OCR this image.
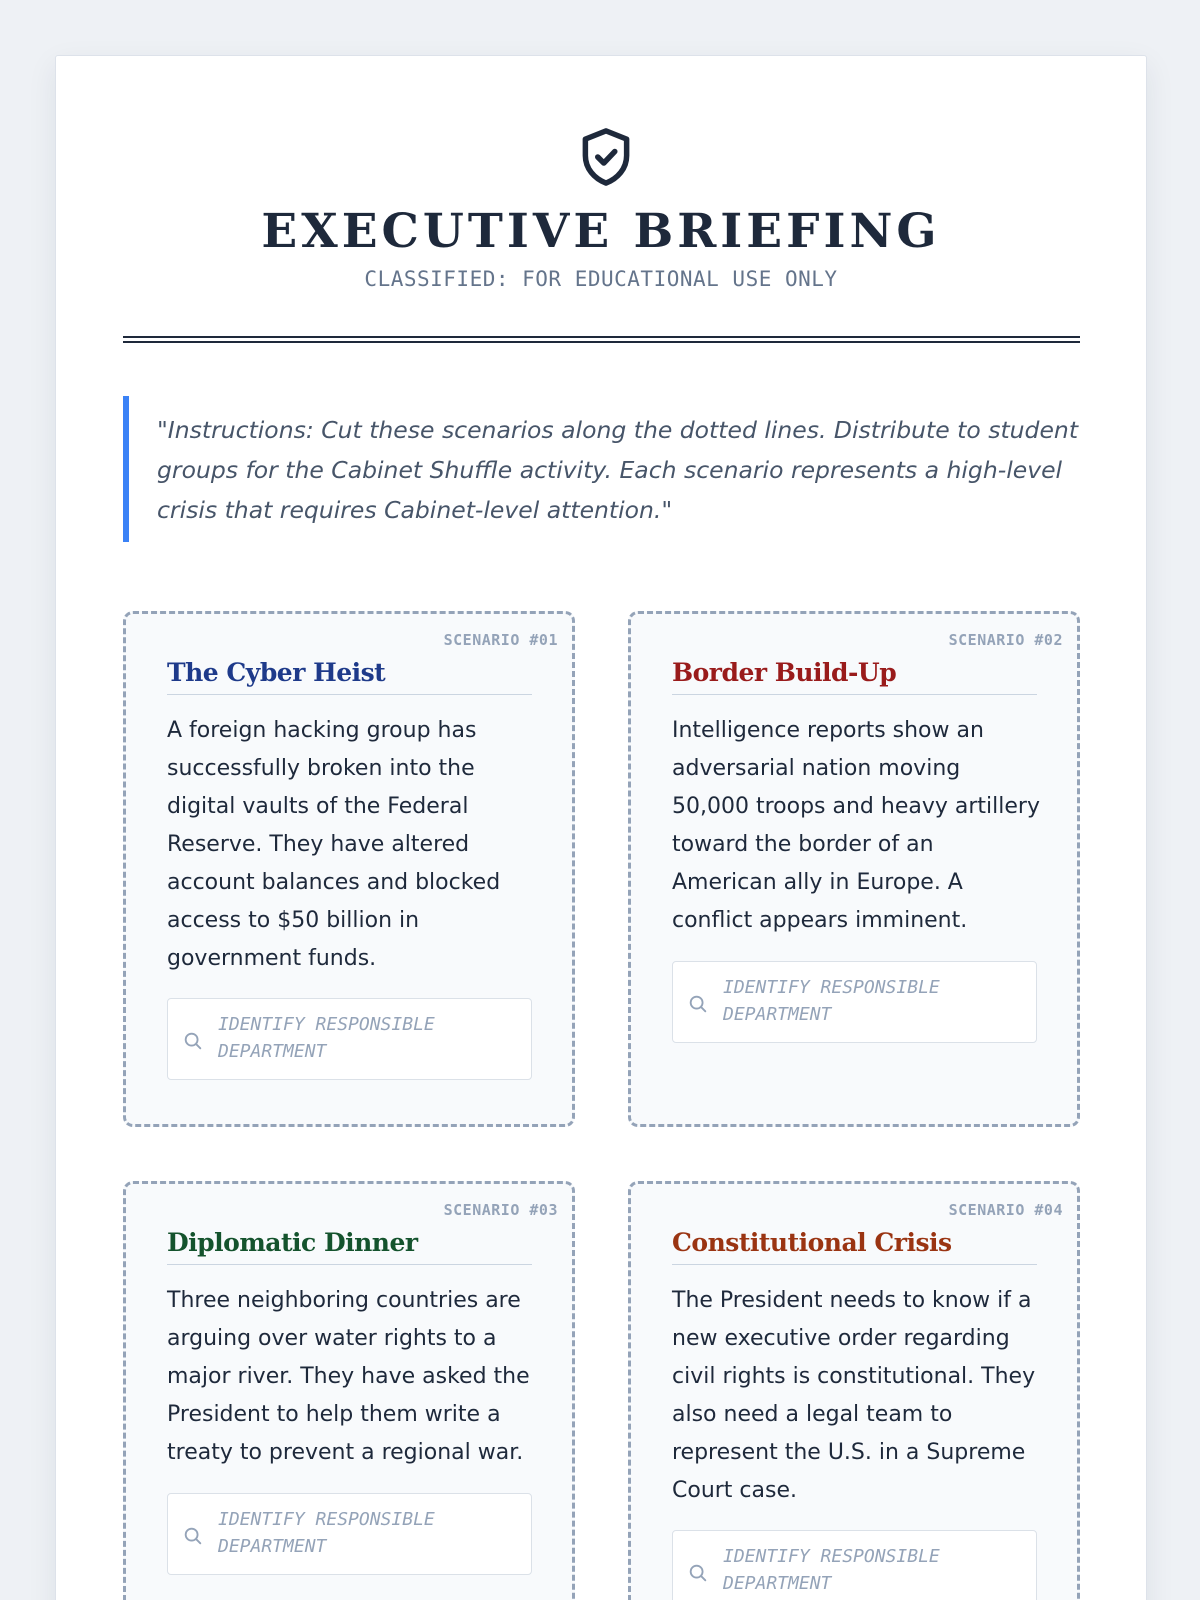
EXECUTIVE BRIEFING
CLASSIFIED: FOR EDUCATIONAL USE ONLY
"Instructions: Cut these scenarios along the dotted lines. Distribute to student groups for the Cabinet Shuffle activity. Each scenario represents a high-level crisis that requires Cabinet-level attention."
SCENARIO #01
The Cyber Heist

A foreign hacking group has successfully broken into the digital vaults of the Federal Reserve. They have altered account balances and blocked access to $50 billion in government funds.

IDENTIFY RESPONSIBLE DEPARTMENT
SCENARIO #02
Border Build-Up

Intelligence reports show an adversarial nation moving 50,000 troops and heavy artillery toward the border of an American ally in Europe. A conflict appears imminent.

IDENTIFY RESPONSIBLE DEPARTMENT
SCENARIO #03
Diplomatic Dinner

Three neighboring countries are arguing over water rights to a major river. They have asked the President to help them write a treaty to prevent a regional war.

IDENTIFY RESPONSIBLE DEPARTMENT
SCENARIO #04
Constitutional Crisis

The President needs to know if a new executive order regarding civil rights is constitutional. They also need a legal team to represent the U.S. in a Supreme Court case.

IDENTIFY RESPONSIBLE DEPARTMENT
